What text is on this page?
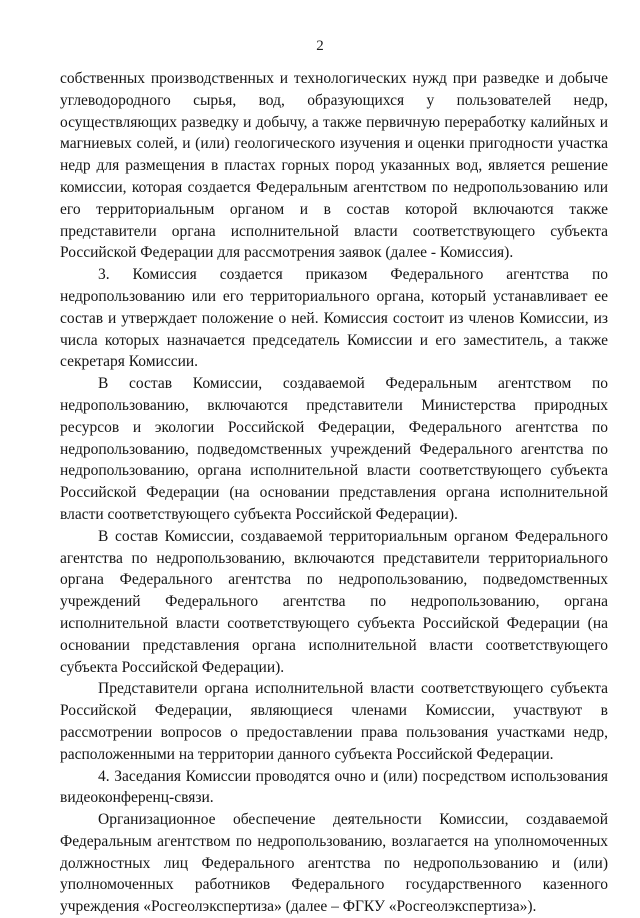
2

собственных производственных и технологических нужд при разведке и добыче углеводородного сырья, вод, образующихся у пользователей недр, осуществляющих разведку и добычу, а также первичную переработку калийных и магниевых солей, и (или) геологического изучения и оценки пригодности участка недр для размещения в пластах горных пород указанных вод, является решение комиссии, которая создается Федеральным агентством по недропользованию или его территориальным органом и в состав которой включаются также представители органа исполнительной власти соответствующего субъекта Российской Федерации для рассмотрения заявок (далее - Комиссия).

3. Комиссия создается приказом Федерального агентства по недропользованию или его территориального органа, который устанавливает ее состав и утверждает положение о ней. Комиссия состоит из членов Комиссии, из числа которых назначается председатель Комиссии и его заместитель, а также секретаря Комиссии.

В состав Комиссии, создаваемой Федеральным агентством по недропользованию, включаются представители Министерства природных ресурсов и экологии Российской Федерации, Федерального агентства по недропользованию, подведомственных учреждений Федерального агентства по недропользованию, органа исполнительной власти соответствующего субъекта Российской Федерации (на основании представления органа исполнительной власти соответствующего субъекта Российской Федерации).

В состав Комиссии, создаваемой территориальным органом Федерального агентства по недропользованию, включаются представители территориального органа Федерального агентства по недропользованию, подведомственных учреждений Федерального агентства по недропользованию, органа исполнительной власти соответствующего субъекта Российской Федерации (на основании представления органа исполнительной власти соответствующего субъекта Российской Федерации).

Представители органа исполнительной власти соответствующего субъекта Российской Федерации, являющиеся членами Комиссии, участвуют в рассмотрении вопросов о предоставлении права пользования участками недр, расположенными на территории данного субъекта Российской Федерации.

4. Заседания Комиссии проводятся очно и (или) посредством использования видеоконференц-связи.

Организационное обеспечение деятельности Комиссии, создаваемой Федеральным агентством по недропользованию, возлагается на уполномоченных должностных лиц Федерального агентства по недропользованию и (или) уполномоченных работников Федерального государственного казенного учреждения «Росгеолэкспертиза» (далее – ФГКУ «Росгеолэкспертиза»).
